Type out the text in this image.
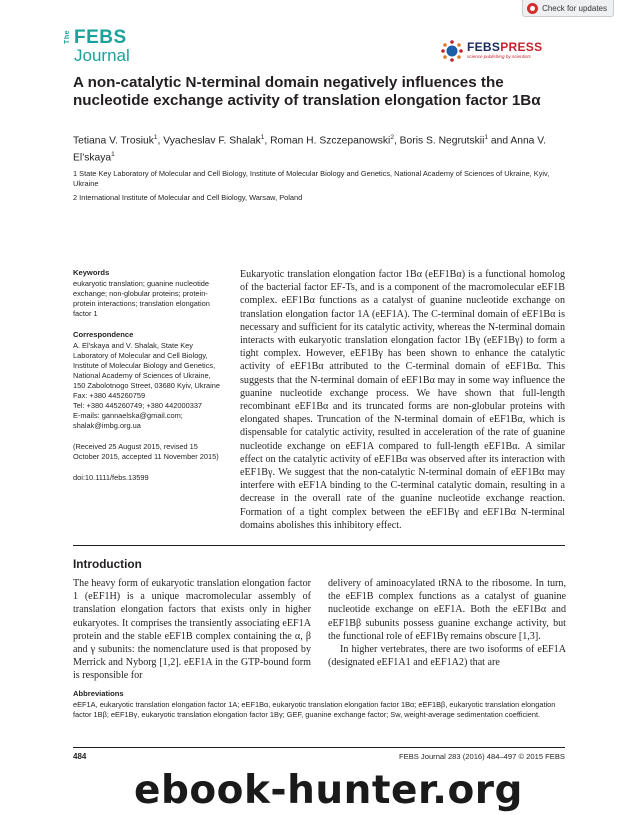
Check for updates
The FEBS
Journal	FEBSPRESS
science publishing by scientists
A non-catalytic N-terminal domain negatively influences the nucleotide exchange activity of translation elongation factor 1Bα
Tetiana V. Trosiuk$^1$, Vyacheslav F. Shalak$^1$, Roman H. Szczepanowski$^2$, Boris S. Negrutskii$^1$ and Anna V. El’skaya$^1$
1 State Key Laboratory of Molecular and Cell Biology, Institute of Molecular Biology and Genetics, National Academy of Sciences of Ukraine, Kyiv, Ukraine
2 International Institute of Molecular and Cell Biology, Warsaw, Poland
Keywords
eukaryotic translation; guanine nucleotide exchange; non-globular proteins; protein-protein interactions; translation elongation factor 1
Correspondence
A. El’skaya and V. Shalak, State Key Laboratory of Molecular and Cell Biology, Institute of Molecular Biology and Genetics, National Academy of Sciences of Ukraine, 150 Zabolotnogo Street, 03680 Kyiv, Ukraine
Fax: +380 445260759
Tel: +380 445260749; +380 442000337
E-mails: gannaelska@gmail.com; shalak@imbg.org.ua
(Received 25 August 2015, revised 15 October 2015, accepted 11 November 2015)
doi:10.1111/febs.13599
Eukaryotic translation elongation factor 1Bα (eEF1Bα) is a functional homolog of the bacterial factor EF-Ts, and is a component of the macromolecular eEF1B complex. eEF1Bα functions as a catalyst of guanine nucleotide exchange on translation elongation factor 1A (eEF1A). The C-terminal domain of eEF1Bα is necessary and sufficient for its catalytic activity, whereas the N-terminal domain interacts with eukaryotic translation elongation factor 1Bγ (eEF1Bγ) to form a tight complex. However, eEF1Bγ has been shown to enhance the catalytic activity of eEF1Bα attributed to the C-terminal domain of eEF1Bα. This suggests that the N-terminal domain of eEF1Bα may in some way influence the guanine nucleotide exchange process. We have shown that full-length recombinant eEF1Bα and its truncated forms are non-globular proteins with elongated shapes. Truncation of the N-terminal domain of eEF1Bα, which is dispensable for catalytic activity, resulted in acceleration of the rate of guanine nucleotide exchange on eEF1A compared to full-length eEF1Bα. A similar effect on the catalytic activity of eEF1Bα was observed after its interaction with eEF1Bγ. We suggest that the non-catalytic N-terminal domain of eEF1Bα may interfere with eEF1A binding to the C-terminal catalytic domain, resulting in a decrease in the overall rate of the guanine nucleotide exchange reaction. Formation of a tight complex between the eEF1Bγ and eEF1Bα N-terminal domains abolishes this inhibitory effect.
Introduction

The heavy form of eukaryotic translation elongation factor 1 (eEF1H) is a unique macromolecular assembly of translation elongation factors that exists only in higher eukaryotes. It comprises the transiently associating eEF1A protein and the stable eEF1B complex containing the α, β and γ subunits: the nomenclature used is that proposed by Merrick and Nyborg [1,2]. eEF1A in the GTP-bound form is responsible for

delivery of aminoacylated tRNA to the ribosome. In turn, the eEF1B complex functions as a catalyst of guanine nucleotide exchange on eEF1A. Both the eEF1Bα and eEF1Bβ subunits possess guanine exchange activity, but the functional role of eEF1Bγ remains obscure [1,3].

In higher vertebrates, there are two isoforms of eEF1A (designated eEF1A1 and eEF1A2) that are

Abbreviations
eEF1A, eukaryotic translation elongation factor 1A; eEF1Bα, eukaryotic translation elongation factor 1Bα; eEF1Bβ, eukaryotic translation elongation factor 1Bβ; eEF1Bγ, eukaryotic translation elongation factor 1Bγ; GEF, guanine exchange factor; Sw, weight-average sedimentation coefficient.
484	FEBS Journal 283 (2016) 484–497 © 2015 FEBS
ebook-hunter.org
